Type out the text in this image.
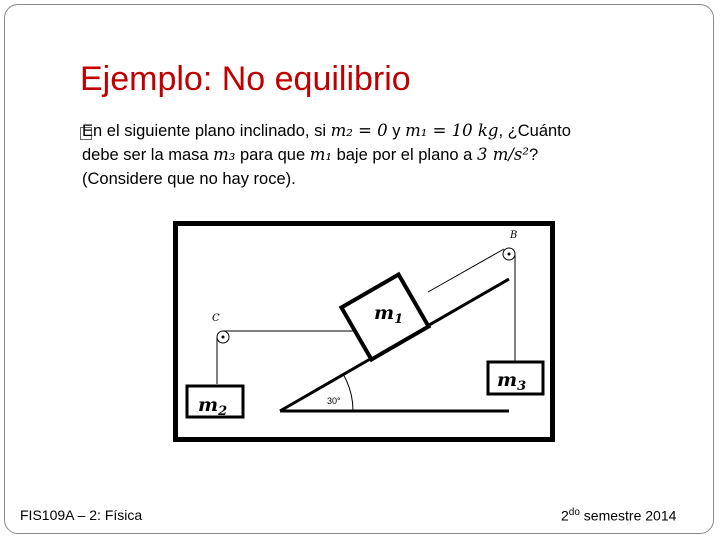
Ejemplo: No equilibrio
En el siguiente plano inclinado, si m₂ = 0 y m₁ = 10 kg, ¿Cuánto
debe ser la masa m₃ para que m₁ baje por el plano a 3 m/s²?
(Considere que no hay roce).
30°
B
C	$m_1$
$m_2$
$m_3$
FIS109A – 2: Física	$2^{do}$ semestre 2014
